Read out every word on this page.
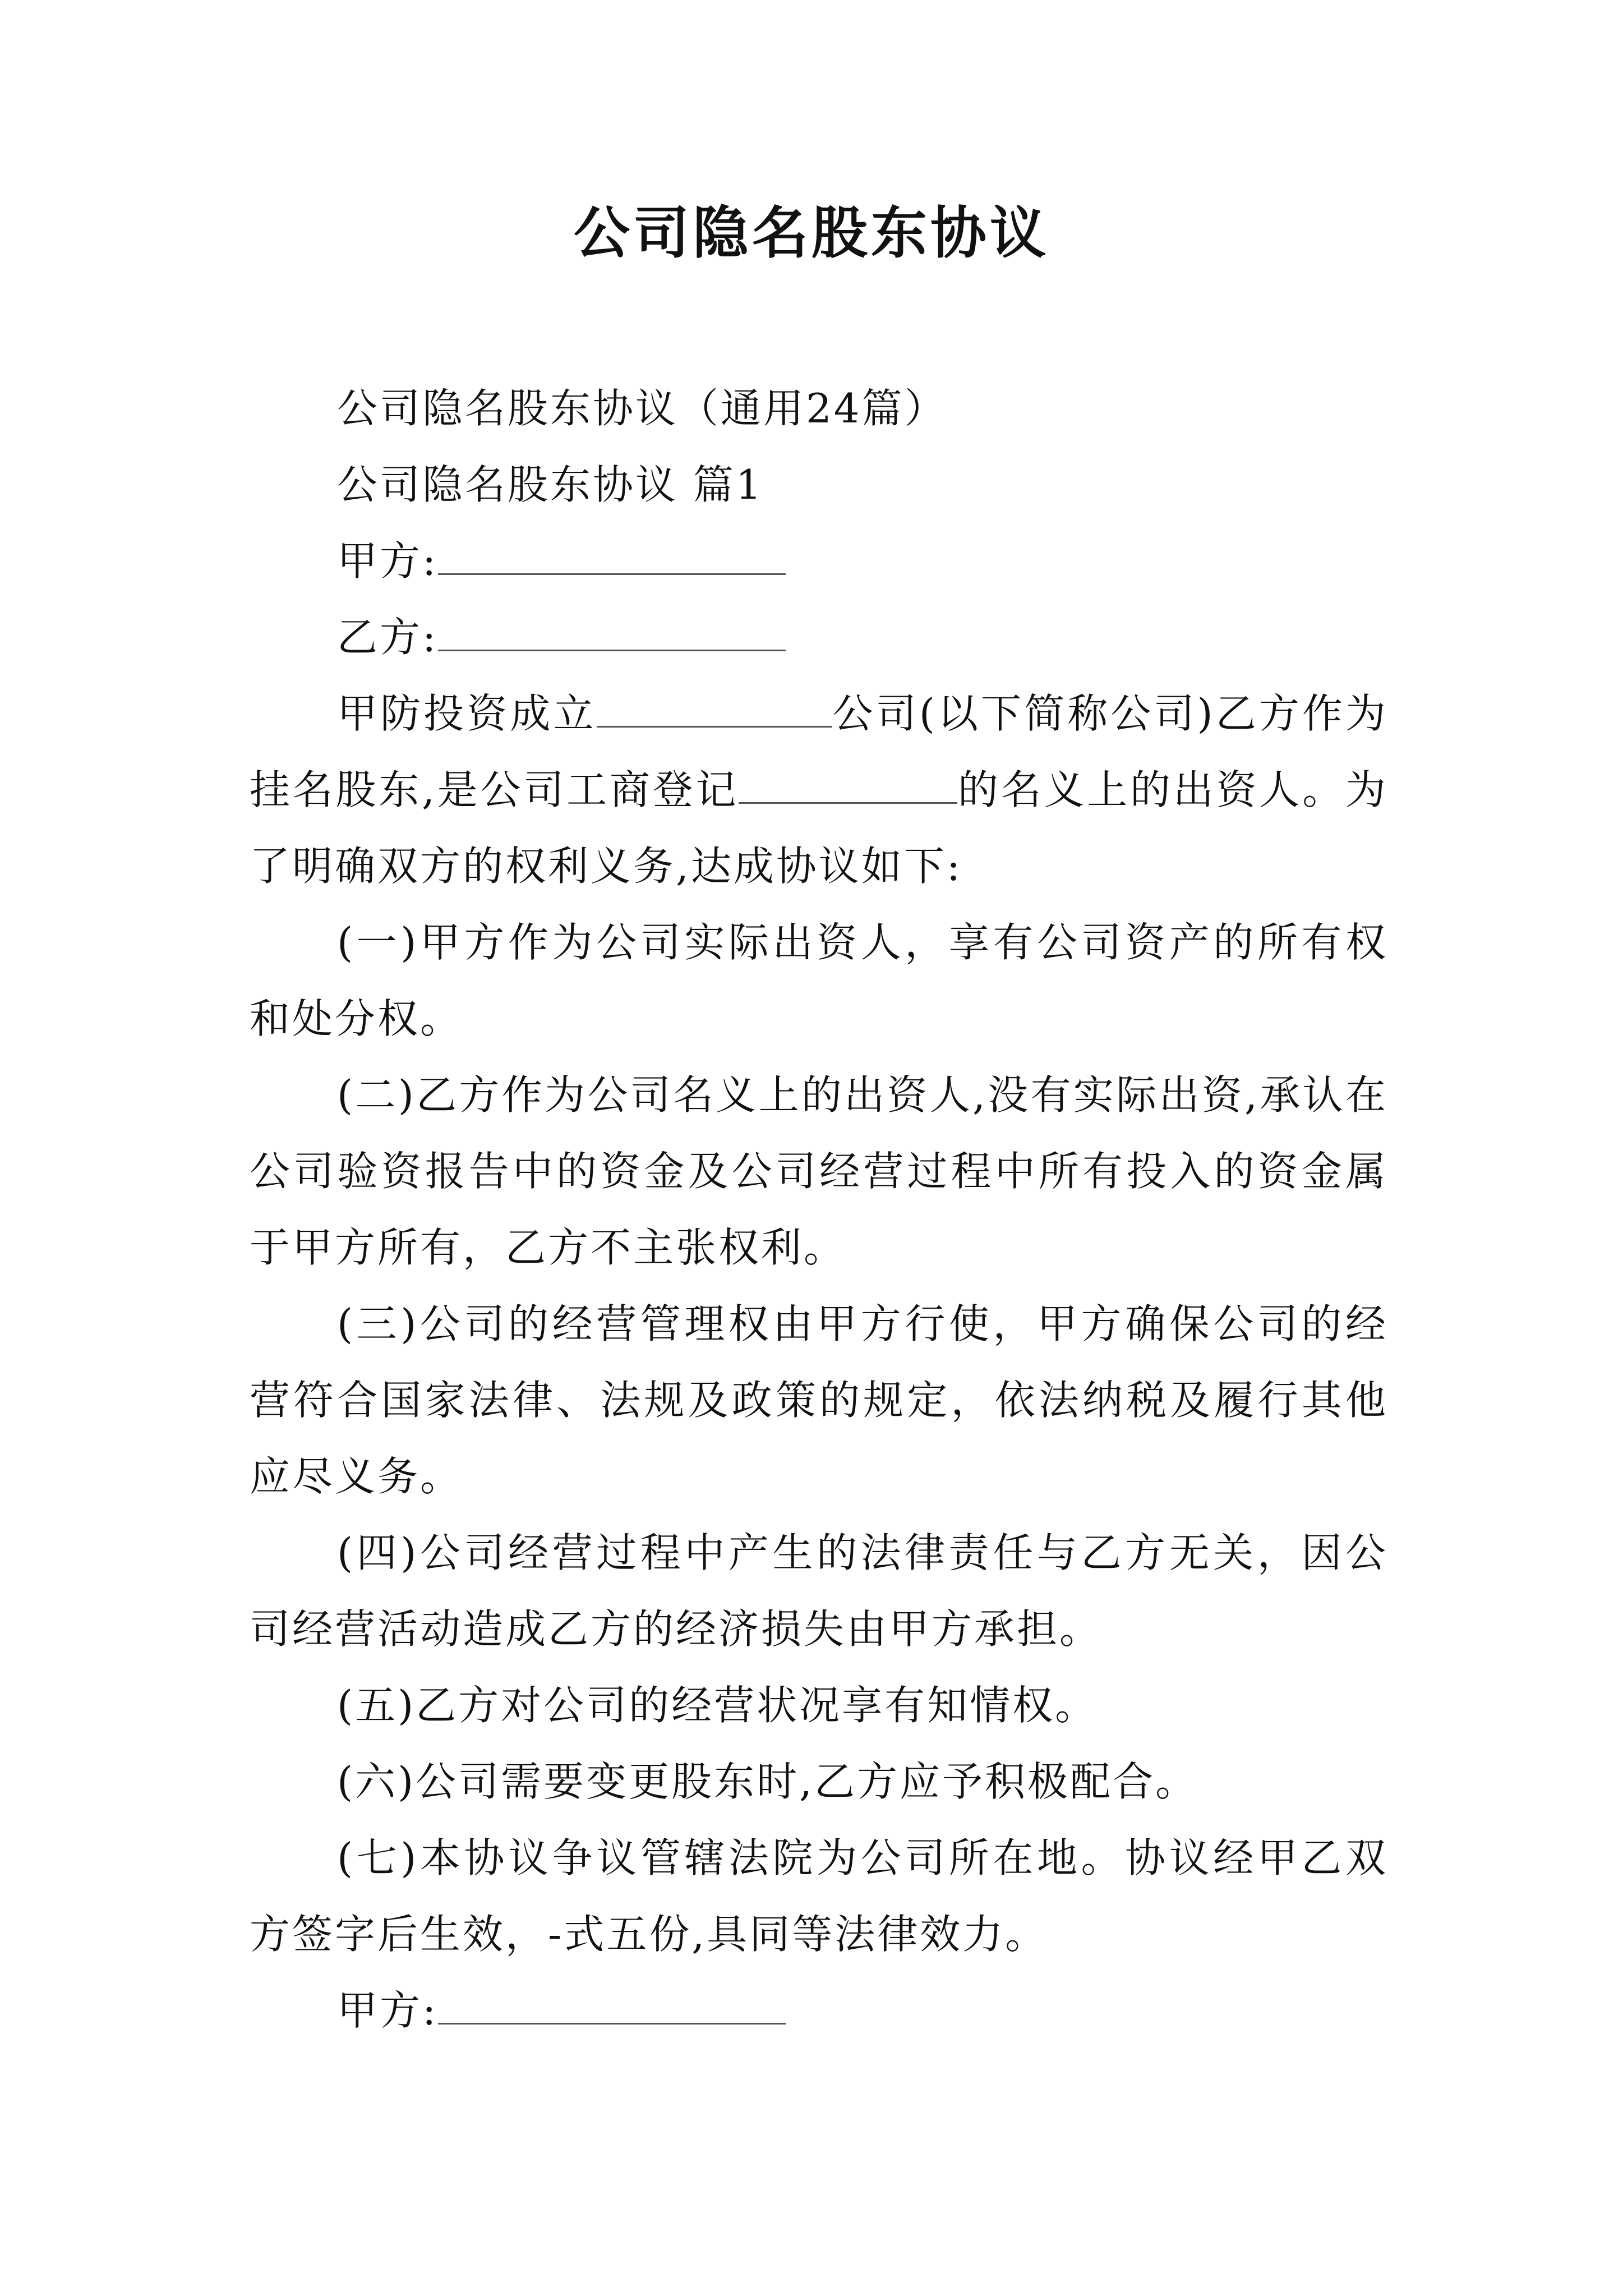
公司隐名股东协议

公司隐名股东协议（通用24篇）

公司隐名股东协议 篇1

甲方:

乙方:

甲防投资成立	公司(以下简称公司)乙方作为挂名股东,是公司工商登记	的名义上的出资人。为了明确双方的权利义务,达成协议如下:

(一)甲方作为公司实际出资人，享有公司资产的所有权和处分权。

(二)乙方作为公司名义上的出资人,没有实际出资,承认在公司验资报告中的资金及公司经营过程中所有投入的资金属于甲方所有，乙方不主张权利。

(三)公司的经营管理权由甲方行使，甲方确保公司的经营符合国家法律、法规及政策的规定，依法纳税及履行其他应尽义务。

(四)公司经营过程中产生的法律责任与乙方无关，因公司经营活动造成乙方的经济损失由甲方承担。

(五)乙方对公司的经营状况享有知情权。

(六)公司需要变更股东时,乙方应予积极配合。

(七)本协议争议管辖法院为公司所在地。协议经甲乙双方签字后生效，-式五份,具同等法律效力。

甲方:
